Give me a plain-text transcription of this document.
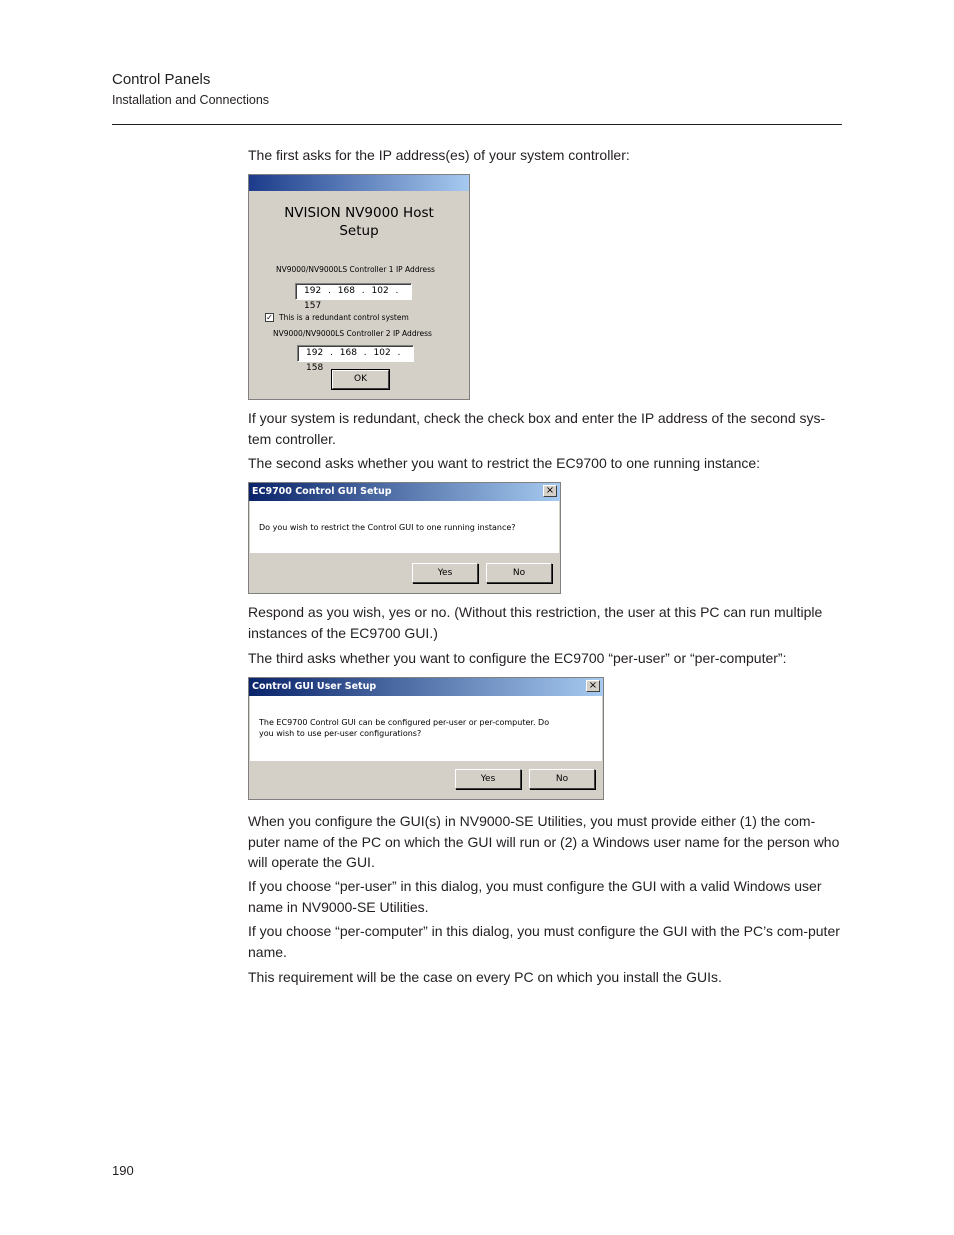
Control Panels
Installation and Connections

The first asks for the IP address(es) of your system controller:

NVISION NV9000 Host Setup
NV9000/NV9000LS Controller 1 IP Address
192 . 168 . 102 . 157
✓ This is a redundant control system
NV9000/NV9000LS Controller 2 IP Address
192 . 168 . 102 . 158
OK

If your system is redundant, check the check box and enter the IP address of the second sys-tem controller.

The second asks whether you want to restrict the EC9700 to one running instance:

EC9700 Control GUI Setup	×
Do you wish to restrict the Control GUI to one running instance?
Yes	No

Respond as you wish, yes or no. (Without this restriction, the user at this PC can run multiple instances of the EC9700 GUI.)

The third asks whether you want to configure the EC9700 “per-user” or “per-computer”:

Control GUI User Setup	×
The EC9700 Control GUI can be configured per-user or per-computer. Do
you wish to use per-user configurations?
Yes	No

When you configure the GUI(s) in NV9000-SE Utilities, you must provide either (1) the com-puter name of the PC on which the GUI will run or (2) a Windows user name for the person who will operate the GUI.

If you choose “per-user” in this dialog, you must configure the GUI with a valid Windows user name in NV9000-SE Utilities.

If you choose “per-computer” in this dialog, you must configure the GUI with the PC’s com-puter name.

This requirement will be the case on every PC on which you install the GUIs.

190
